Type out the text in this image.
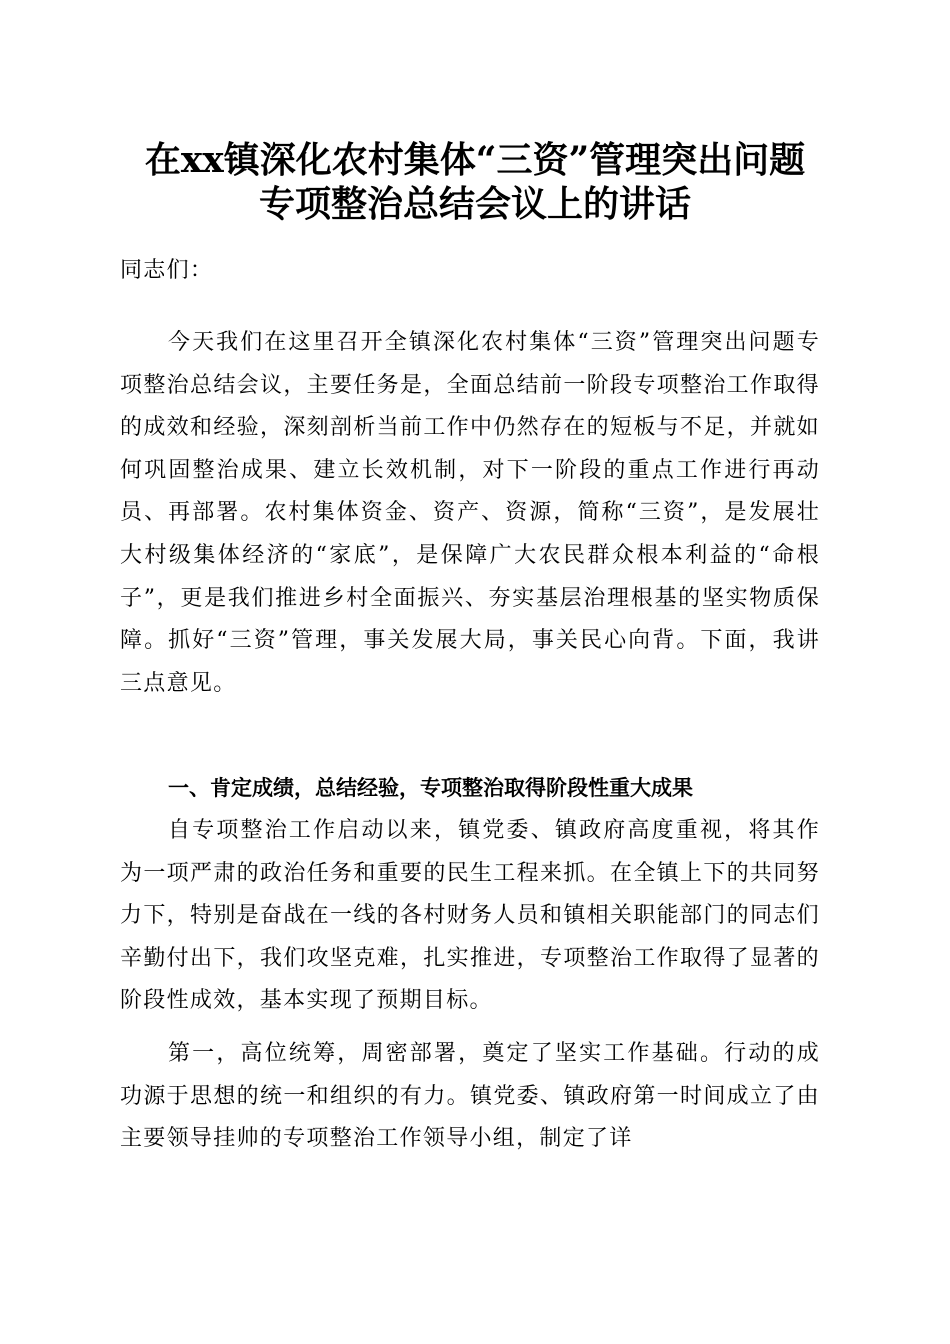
在xx镇深化农村集体“三资”管理突出问题
专项整治总结会议上的讲话

同志们：

今天我们在这里召开全镇深化农村集体“三资”管理突出问题专项整治总结会议，主要任务是，全面总结前一阶段专项整治工作取得的成效和经验，深刻剖析当前工作中仍然存在的短板与不足，并就如何巩固整治成果、建立长效机制，对下一阶段的重点工作进行再动员、再部署。农村集体资金、资产、资源，简称“三资”，是发展壮大村级集体经济的“家底”，是保障广大农民群众根本利益的“命根子”，更是我们推进乡村全面振兴、夯实基层治理根基的坚实物质保障。抓好“三资”管理，事关发展大局，事关民心向背。下面，我讲三点意见。

一、肯定成绩，总结经验，专项整治取得阶段性重大成果

自专项整治工作启动以来，镇党委、镇政府高度重视，将其作为一项严肃的政治任务和重要的民生工程来抓。在全镇上下的共同努力下，特别是奋战在一线的各村财务人员和镇相关职能部门的同志们辛勤付出下，我们攻坚克难，扎实推进，专项整治工作取得了显著的阶段性成效，基本实现了预期目标。

第一，高位统筹，周密部署，奠定了坚实工作基础。行动的成功源于思想的统一和组织的有力。镇党委、镇政府第一时间成立了由主要领导挂帅的专项整治工作领导小组，制定了详
